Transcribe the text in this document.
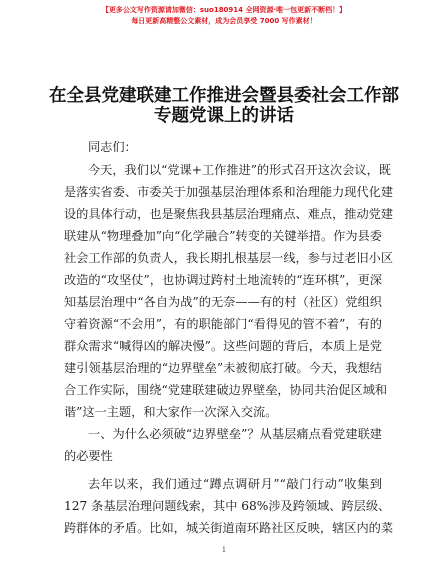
【更多公文写作资源请加微信：suo180914 全网资源·唯一包更新不断档！】
每日更新高精整公文素材，成为会员享受 7000 写作素材！
在全县党建联建工作推进会暨县委社会工作部
专题党课上的讲话
同志们：
今天，我们以“党课+工作推进”的形式召开这次会议，既
是落实省委、市委关于加强基层治理体系和治理能力现代化建
设的具体行动，也是聚焦我县基层治理痛点、难点，推动党建
联建从“物理叠加”向“化学融合”转变的关键举措。作为县委
社会工作部的负责人，我长期扎根基层一线，参与过老旧小区
改造的“攻坚仗”，也协调过跨村土地流转的“连环棋”，更深
知基层治理中“各自为战”的无奈——有的村（社区）党组织
守着资源“不会用”，有的职能部门“看得见的管不着”，有的
群众需求“喊得凶的解决慢”。这些问题的背后，本质上是党
建引领基层治理的“边界壁垒”未被彻底打破。今天，我想结
合工作实际，围绕“党建联建破边界壁垒，协同共治促区域和
谐”这一主题，和大家作一次深入交流。
一、为什么必须破“边界壁垒”？从基层痛点看党建联建
的必要性
去年以来，我们通过“蹲点调研月”“敲门行动”收集到
127 条基层治理问题线索，其中 68%涉及跨领域、跨层级、
跨群体的矛盾。比如，城关街道南环路社区反映，辖区内的菜
1
